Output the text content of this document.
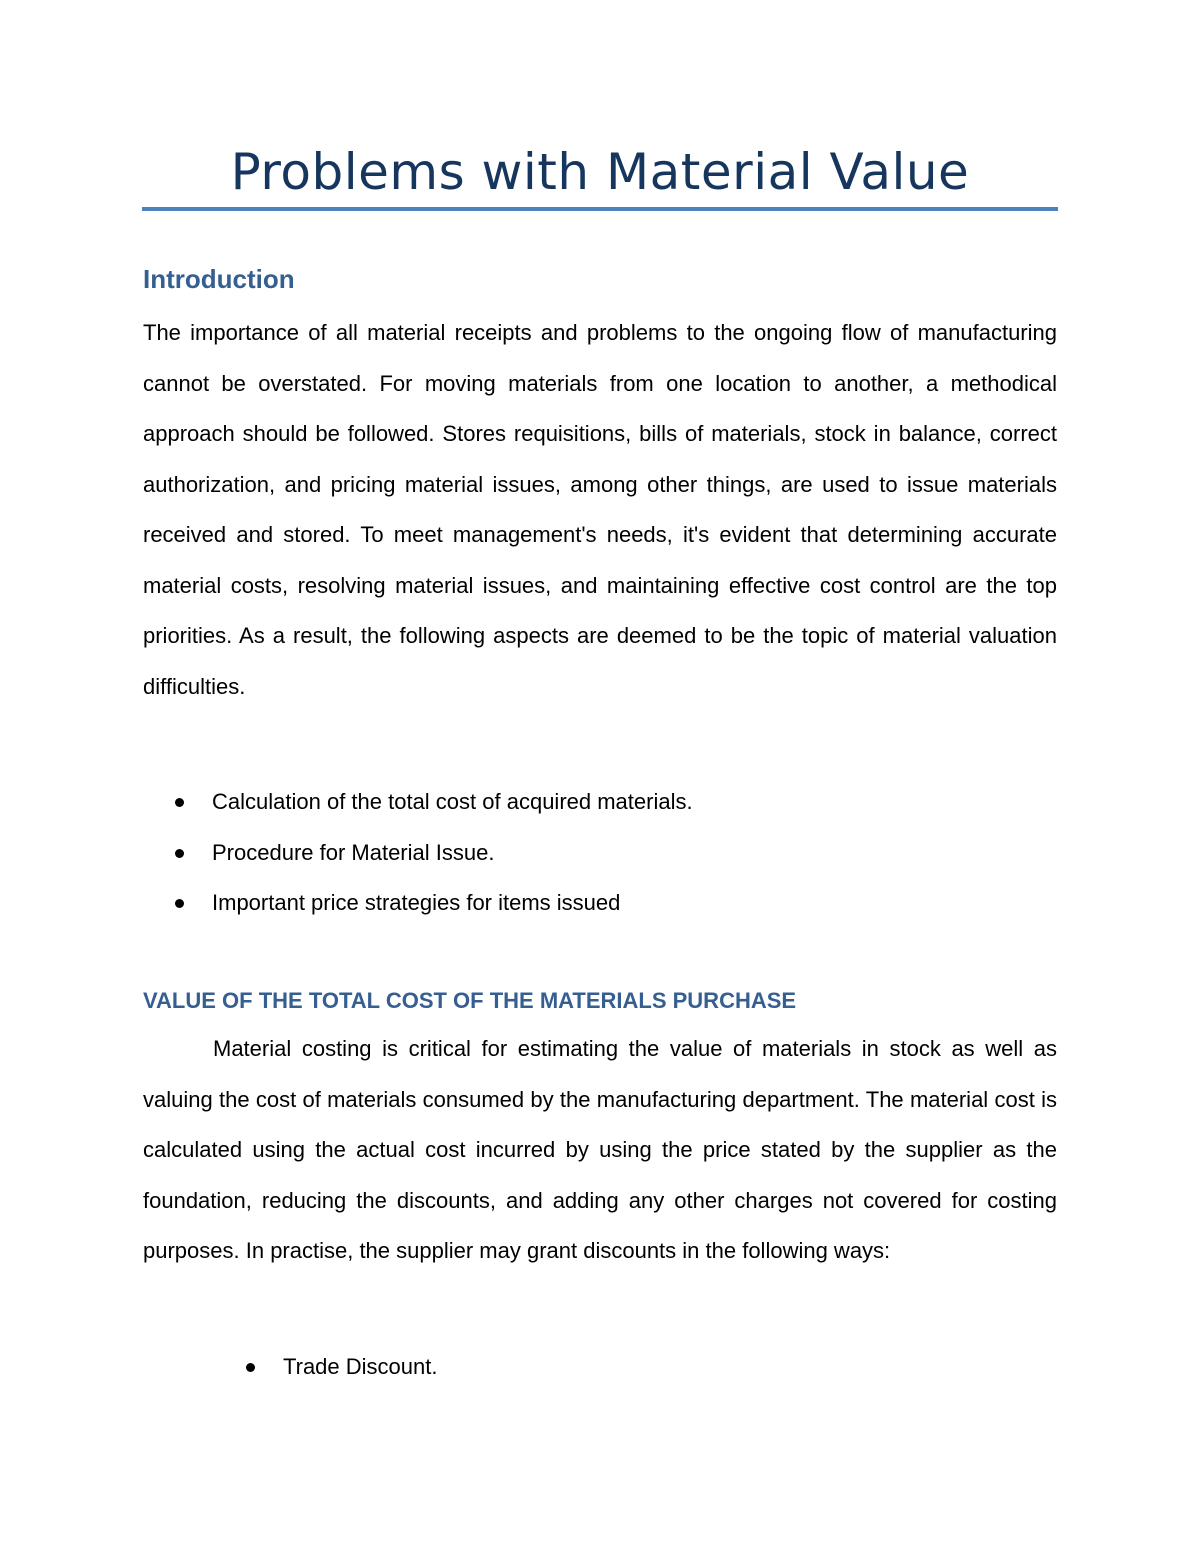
Problems with Material Value
Introduction

The importance of all material receipts and problems to the ongoing flow of manufacturing cannot be overstated. For moving materials from one location to another, a methodical approach should be followed. Stores requisitions, bills of materials, stock in balance, correct authorization, and pricing material issues, among other things, are used to issue materials received and stored. To meet management's needs, it's evident that determining accurate material costs, resolving material issues, and maintaining effective cost control are the top priorities. As a result, the following aspects are deemed to be the topic of material valuation difficulties.

Calculation of the total cost of acquired materials.
Procedure for Material Issue.
Important price strategies for items issued
VALUE OF THE TOTAL COST OF THE MATERIALS PURCHASE

Material costing is critical for estimating the value of materials in stock as well as valuing the cost of materials consumed by the manufacturing department. The material cost is calculated using the actual cost incurred by using the price stated by the supplier as the foundation, reducing the discounts, and adding any other charges not covered for costing purposes. In practise, the supplier may grant discounts in the following ways:

Trade Discount.
